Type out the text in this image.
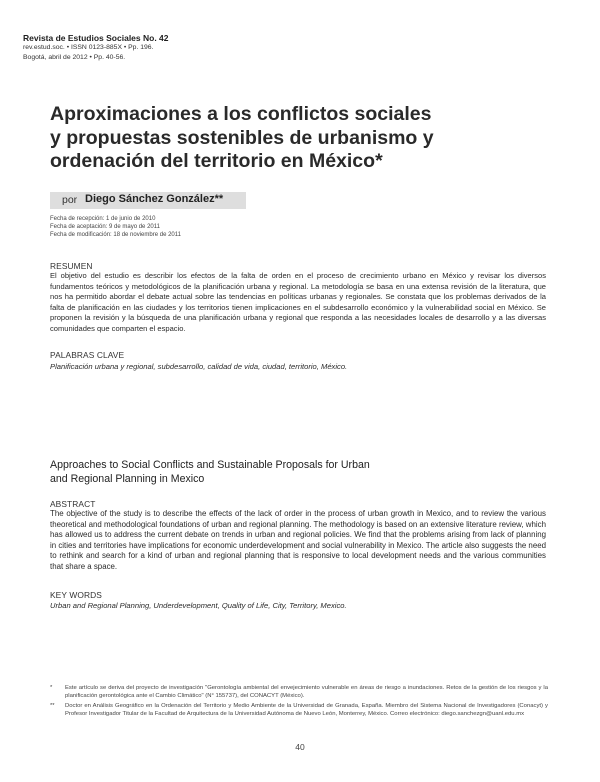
Revista de Estudios Sociales No. 42

rev.estud.soc. • ISSN 0123-885X • Pp. 196.

Bogotá, abril de 2012 • Pp. 40-56.

Aproximaciones a los conflictos sociales
y propuestas sostenibles de urbanismo y
ordenación del territorio en México*
por Diego Sánchez González**

Fecha de recepción: 1 de junio de 2010

Fecha de aceptación: 9 de mayo de 2011

Fecha de modificación: 18 de noviembre de 2011

RESUMEN

El objetivo del estudio es describir los efectos de la falta de orden en el proceso de crecimiento urbano en México y revisar los diversos fundamentos teóricos y metodológicos de la planificación urbana y regional. La metodología se basa en una extensa revisión de la literatura, que nos ha permitido abordar el debate actual sobre las tendencias en políticas urbanas y regionales. Se constata que los problemas derivados de la falta de planificación en las ciudades y los territorios tienen implicaciones en el subdesarrollo económico y la vulnerabilidad social en México. Se proponen la revisión y la búsqueda de una planificación urbana y regional que responda a las necesidades locales de desarrollo y a las diversas comunidades que comparten el espacio.

PALABRAS CLAVE

Planificación urbana y regional, subdesarrollo, calidad de vida, ciudad, territorio, México.

Approaches to Social Conflicts and Sustainable Proposals for Urban
and Regional Planning in Mexico

ABSTRACT

The objective of the study is to describe the effects of the lack of order in the process of urban growth in Mexico, and to review the various theoretical and methodological foundations of urban and regional planning. The methodology is based on an extensive literature review, which has allowed us to address the current debate on trends in urban and regional policies. We find that the problems arising from lack of planning in cities and territories have implications for economic underdevelopment and social vulnerability in Mexico. The article also suggests the need to rethink and search for a kind of urban and regional planning that is responsive to local development needs and the various communities that share a space.

KEY WORDS

Urban and Regional Planning, Underdevelopment, Quality of Life, City, Territory, Mexico.

* Este artículo se deriva del proyecto de investigación "Gerontología ambiental del envejecimiento vulnerable en áreas de riesgo a inundaciones. Retos de la gestión de los riesgos y la planificación gerontológica ante el Cambio Climático" (N° 155737), del CONACYT (México).

** Doctor en Análisis Geográfico en la Ordenación del Territorio y Medio Ambiente de la Universidad de Granada, España. Miembro del Sistema Nacional de Investigadores (Conacyt) y Profesor Investigador Titular de la Facultad de Arquitectura de la Universidad Autónoma de Nuevo León, Monterrey, México. Correo electrónico: diego.sanchezgn@uanl.edu.mx

40
